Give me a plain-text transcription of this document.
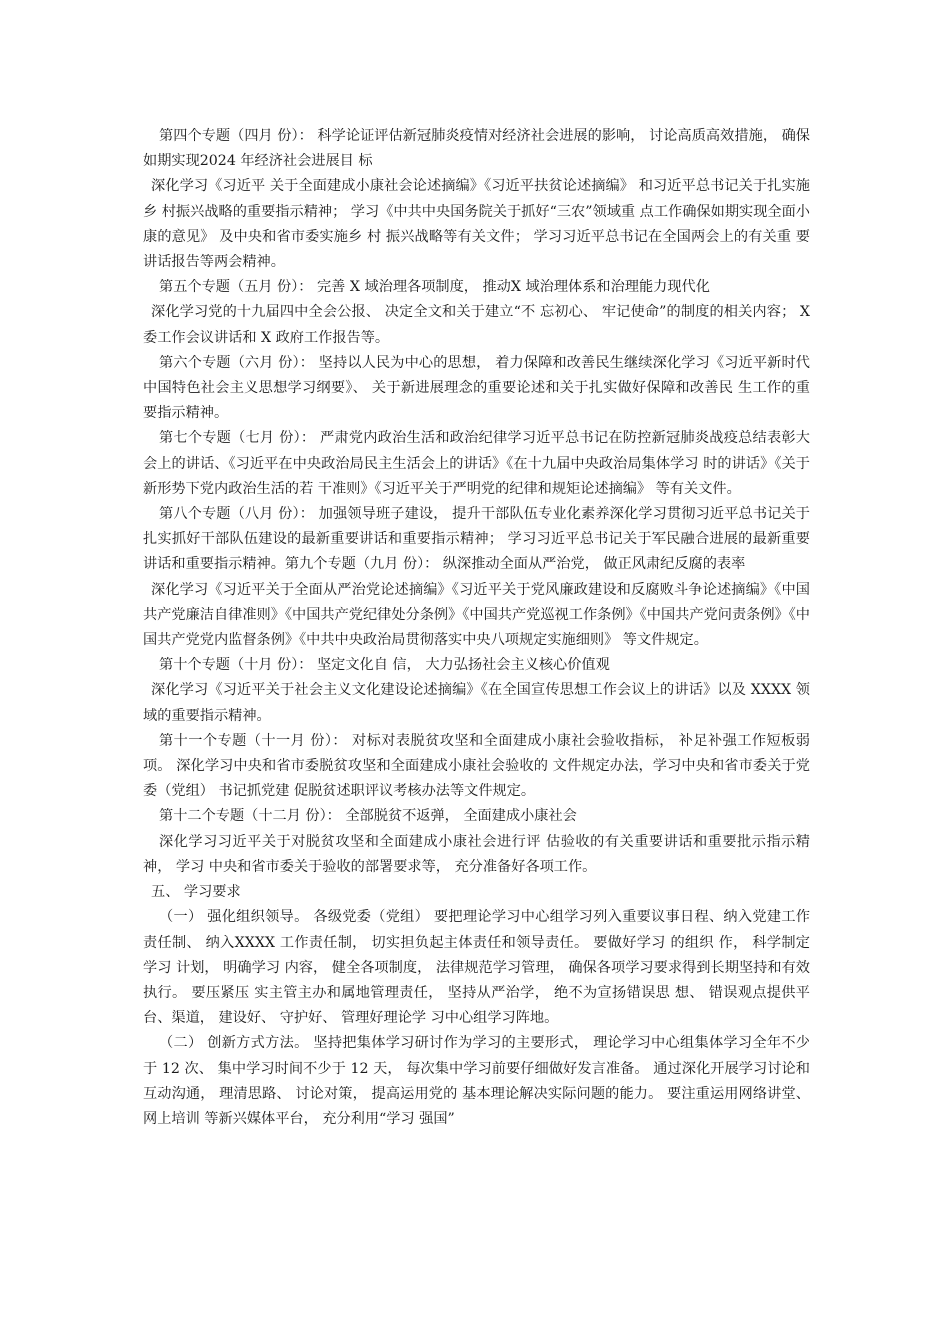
第四个专题（四月 份）： 科学论证评估新冠肺炎疫情对经济社会进展的影响， 讨论高质高效措施， 确保如期实现2024 年经济社会进展目 标

深化学习《习近平 关于全面建成小康社会论述摘编》《习近平扶贫论述摘编》 和习近平总书记关于扎实施乡 村振兴战略的重要指示精神； 学习《中共中央国务院关于抓好“三农”领域重 点工作确保如期实现全面小康的意见》 及中央和省市委实施乡 村 振兴战略等有关文件； 学习习近平总书记在全国两会上的有关重 要讲话报告等两会精神。

第五个专题（五月 份）： 完善 X 域治理各项制度， 推动X 域治理体系和治理能力现代化

深化学习党的十九届四中全会公报、 决定全文和关于建立“不 忘初心、 牢记使命”的制度的相关内容； X 委工作会议讲话和 X 政府工作报告等。

第六个专题（六月 份）： 坚持以人民为中心的思想， 着力保障和改善民生继续深化学习《习近平新时代中国特色社会主义思想学习纲要》、 关于新进展理念的重要论述和关于扎实做好保障和改善民 生工作的重要指示精神。

第七个专题（七月 份）： 严肃党内政治生活和政治纪律学习近平总书记在防控新冠肺炎战疫总结表彰大会上的讲话、《习近平在中央政治局民主生活会上的讲话》《在十九届中央政治局集体学习 时的讲话》《关于新形势下党内政治生活的若 干准则》《习近平关于严明党的纪律和规矩论述摘编》 等有关文件。

第八个专题（八月 份）： 加强领导班子建设， 提升干部队伍专业化素养深化学习贯彻习近平总书记关于扎实抓好干部队伍建设的最新重要讲话和重要指示精神； 学习习近平总书记关于军民融合进展的最新重要讲话和重要指示精神。第九个专题（九月 份）： 纵深推动全面从严治党， 做正风肃纪反腐的表率

深化学习《习近平关于全面从严治党论述摘编》《习近平关于党风廉政建设和反腐败斗争论述摘编》《中国共产党廉洁自律准则》《中国共产党纪律处分条例》《中国共产党巡视工作条例》《中国共产党问责条例》《中国共产党党内监督条例》《中共中央政治局贯彻落实中央八项规定实施细则》 等文件规定。

第十个专题（十月 份）： 坚定文化自 信， 大力弘扬社会主义核心价值观

深化学习《习近平关于社会主义文化建设论述摘编》《在全国宣传思想工作会议上的讲话》以及 XXXX 领域的重要指示精神。

第十一个专题（十一月 份）： 对标对表脱贫攻坚和全面建成小康社会验收指标， 补足补强工作短板弱项。 深化学习中央和省市委脱贫攻坚和全面建成小康社会验收的 文件规定办法，学习中央和省市委关于党委（党组） 书记抓党建 促脱贫述职评议考核办法等文件规定。

第十二个专题（十二月 份）： 全部脱贫不返弹， 全面建成小康社会

深化学习习近平关于对脱贫攻坚和全面建成小康社会进行评 估验收的有关重要讲话和重要批示指示精神， 学习 中央和省市委关于验收的部署要求等， 充分准备好各项工作。

五、 学习要求

（一） 强化组织领导。 各级党委（党组） 要把理论学习中心组学习列入重要议事日程、纳入党建工作责任制、 纳入XXXX 工作责任制， 切实担负起主体责任和领导责任。 要做好学习 的组织 作， 科学制定学习 计划， 明确学习 内容， 健全各项制度， 法律规范学习管理， 确保各项学习要求得到长期坚持和有效执行。 要压紧压 实主管主办和属地管理责任， 坚持从严治学， 绝不为宣扬错误思 想、 错误观点提供平台、渠道， 建设好、 守护好、 管理好理论学 习中心组学习阵地。

（二） 创新方式方法。 坚持把集体学习研讨作为学习的主要形式， 理论学习中心组集体学习全年不少于 12 次、 集中学习时间不少于 12 天， 每次集中学习前要仔细做好发言准备。 通过深化开展学习讨论和互动沟通， 理清思路、 讨论对策， 提高运用党的 基本理论解决实际问题的能力。 要注重运用网络讲堂、 网上培训 等新兴媒体平台， 充分利用“学习 强国”
